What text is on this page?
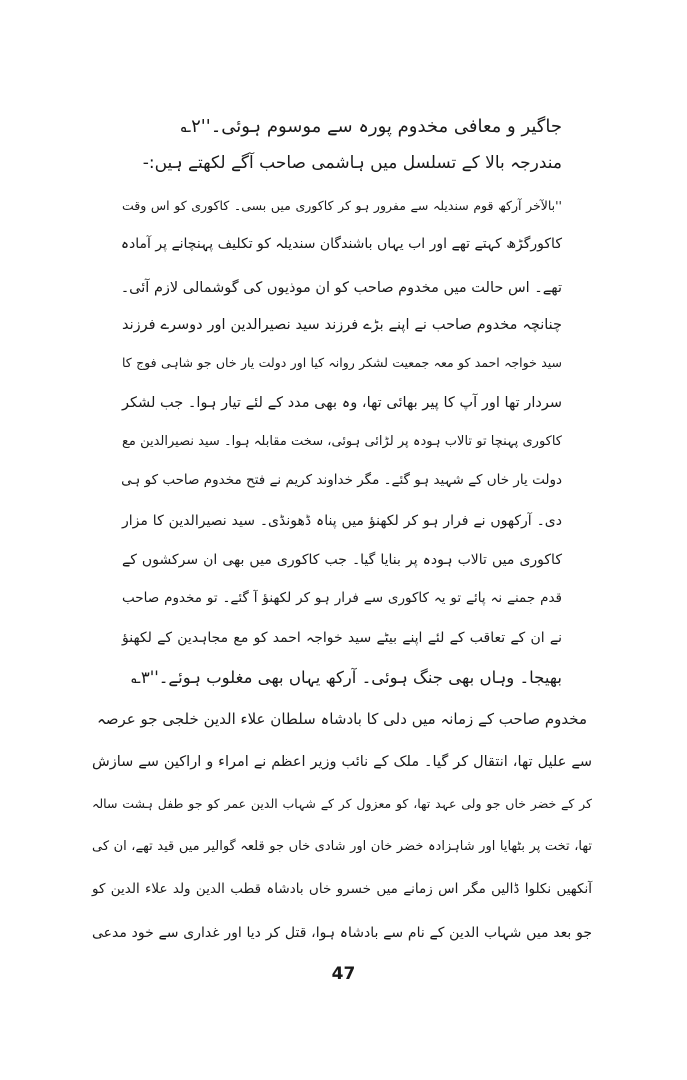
جاگیر و معافی مخدوم پورہ سے موسوم ہوئی۔''۲؎
مندرجہ بالا کے تسلسل میں ہاشمی صاحب آگے لکھتے ہیں:-
''بالآخر آرکھ قوم سندیلہ سے مفرور ہو کر کاکوری میں بسی۔ کاکوری کو اس وقت
کاکورگڑھ کہتے تھے اور اب یہاں باشندگان سندیلہ کو تکلیف پہنچانے پر آمادہ
تھے۔ اس حالت میں مخدوم صاحب کو ان موذیوں کی گوشمالی لازم آئی۔
چنانچہ مخدوم صاحب نے اپنے بڑے فرزند سید نصیرالدین اور دوسرے فرزند
سید خواجہ احمد کو معہ جمعیت لشکر روانہ کیا اور دولت یار خاں جو شاہی فوج کا
سردار تھا اور آپ کا پیر بھائی تھا، وہ بھی مدد کے لئے تیار ہوا۔ جب لشکر
کاکوری پہنچا تو تالاب ہودہ پر لڑائی ہوئی، سخت مقابلہ ہوا۔ سید نصیرالدین مع
دولت یار خاں کے شہید ہو گئے۔ مگر خداوند کریم نے فتح مخدوم صاحب کو ہی
دی۔ آرکھوں نے فرار ہو کر لکھنؤ میں پناہ ڈھونڈی۔ سید نصیرالدین کا مزار
کاکوری میں تالاب ہودہ پر بنایا گیا۔ جب کاکوری میں بھی ان سرکشوں کے
قدم جمنے نہ پائے تو یہ کاکوری سے فرار ہو کر لکھنؤ آ گئے۔ تو مخدوم صاحب
نے ان کے تعاقب کے لئے اپنے بیٹے سید خواجہ احمد کو مع مجاہدین کے لکھنؤ
بھیجا۔ وہاں بھی جنگ ہوئی۔ آرکھ یہاں بھی مغلوب ہوئے۔''۳؎
مخدوم صاحب کے زمانہ میں دلی کا بادشاہ سلطان علاء الدین خلجی جو عرصہ
سے علیل تھا، انتقال کر گیا۔ ملک کے نائب وزیر اعظم نے امراء و اراکین سے سازش
کر کے خضر خاں جو ولی عہد تھا، کو معزول کر کے شہاب الدین عمر کو جو طفل ہشت سالہ
تھا، تخت پر بٹھایا اور شاہزادہ خضر خان اور شادی خاں جو قلعہ گوالیر میں قید تھے، ان کی
آنکھیں نکلوا ڈالیں مگر اس زمانے میں خسرو خاں بادشاہ قطب الدین ولد علاء الدین کو
جو بعد میں شہاب الدین کے نام سے بادشاہ ہوا، قتل کر دیا اور غداری سے خود مدعی
47
